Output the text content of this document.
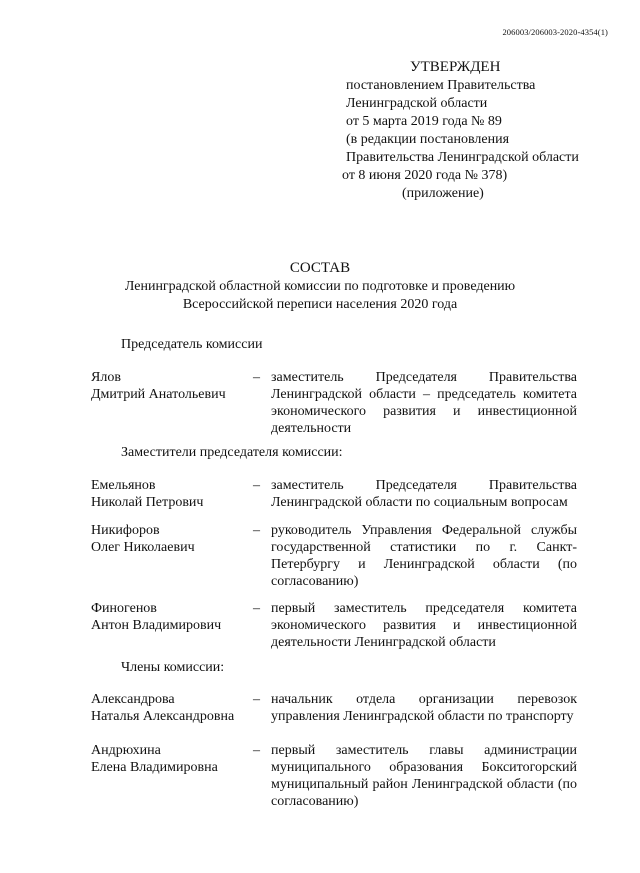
206003/206003-2020-4354(1)
УТВЕРЖДЕН
постановлением Правительства
Ленинградской области
от 5 марта 2019 года № 89
(в редакции постановления
Правительства Ленинградской области
от 8 июня 2020 года № 378)
(приложение)
СОСТАВ
Ленинградской областной комиссии по подготовке и проведению
Всероссийской переписи населения 2020 года
Председатель комиссии
Ялов
Дмитрий Анатольевич
– заместитель Председателя Правительства Ленинградской области – председатель комитета экономического развития и инвестиционной деятельности
Заместители председателя комиссии:
Емельянов
Николай Петрович
– заместитель Председателя Правительства Ленинградской области по социальным вопросам
Никифоров
Олег Николаевич
– руководитель Управления Федеральной службы государственной статистики по г. Санкт-Петербургу и Ленинградской области (по согласованию)
Финогенов
Антон Владимирович
– первый заместитель председателя комитета экономического развития и инвестиционной деятельности Ленинградской области
Члены комиссии:
Александрова
Наталья Александровна
– начальник отдела организации перевозок управления Ленинградской области по транспорту
Андрюхина
Елена Владимировна
– первый заместитель главы администрации муниципального образования Бокситогорский муниципальный район Ленинградской области (по согласованию)
